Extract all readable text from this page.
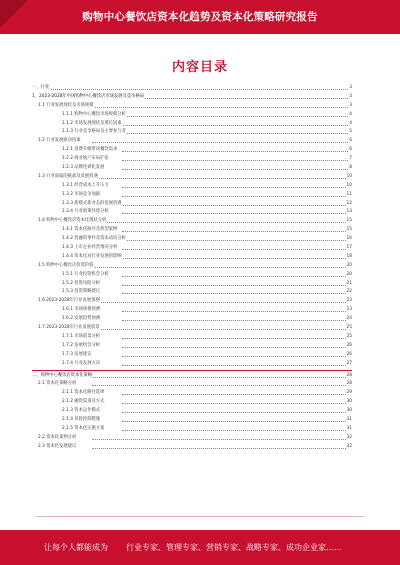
购物中心餐饮店资本化趋势及资本化策略研究报告
内容目录
一、行业	3
1、2023-2028年中国购物中心餐饮店市场发展及竞争格局	3
1.1 行业发展现状及市场规模	3
1.1.1 购物中心餐饮市场规模分析	4
1.1.2 市场发展现状及增长因素	4
1.1.3 行业竞争格局及主要参与者	5
1.2 行业发展驱动因素	6
1.2.1 消费升级带动餐饮需求	6
1.2.2 商业地产布局扩张	7
1.2.3 品牌连锁化发展	8
1.3 行业面临的挑战及发展机遇	10
1.3.1 经营成本上升压力	10
1.3.2 市场竞争加剧	11
1.3.3 新模式新业态的发展机遇	12
1.3.4 行业政策环境分析	13
1.4 购物中心餐饮店资本化现状分析	15
1.4.1 资本化路径及典型案例	15
1.4.2 投融资事件及资本动向分析	16
1.4.3 上市企业经营情况分析	17
1.4.4 资本化对行业发展的影响	18
1.5 购物中心餐饮店投资价值	20
1.5.1 行业投资机会分析	20
1.5.2 投资风险分析	21
1.5.3 投资策略建议	22
1.6 2023-2028年行业发展预测	23
1.6.1 市场规模预测	23
1.6.2 发展趋势预测	24
1.7 2023-2028年行业发展前景	25
1.7.1 市场前景分析	25
1.7.2 发展机会分析	26
1.7.3 发展建议	26
1.7.4 行业发展方向	27
二、购物中心餐饮店资本化策略	28
2.1 资本化策略分析	28
2.1.1 资本化路径选择	29
2.1.2 融资渠道及方式	30
2.1.3 资本运作模式	30
2.1.4 风险控制措施	31
2.1.5 资本化实施方案	31
2.2 资本化案例分析	32
2.3 资本化发展建议	32
让每个人都能成为 行业专家、管理专家、营销专家、战略专家、成功企业家……
